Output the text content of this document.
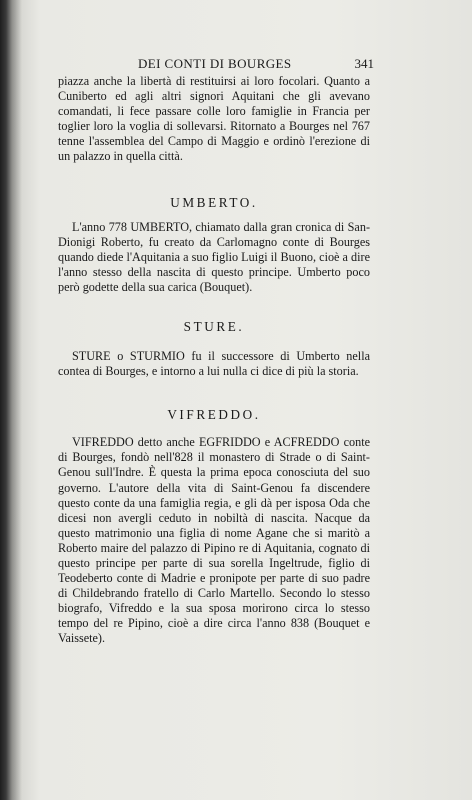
DEI CONTI DI BOURGES	341

piazza anche la libertà di restituirsi ai loro focolari. Quanto a Cuniberto ed agli altri signori Aquitani che gli avevano comandati, li fece passare colle loro famiglie in Francia per toglier loro la voglia di sollevarsi. Ritornato a Bourges nel 767 tenne l'assemblea del Campo di Maggio e ordinò l'erezione di un palazzo in quella città.

UMBERTO.

L'anno 778 UMBERTO, chiamato dalla gran cronica di San-Dionigi Roberto, fu creato da Carlomagno conte di Bourges quando diede l'Aquitania a suo figlio Luigi il Buono, cioè a dire l'anno stesso della nascita di questo principe. Umberto poco però godette della sua carica (Bouquet).

STURE.

STURE o STURMIO fu il successore di Umberto nella contea di Bourges, e intorno a lui nulla ci dice di più la storia.

VIFREDDO.

VIFREDDO detto anche EGFRIDDO e ACFREDDO conte di Bourges, fondò nell'828 il monastero di Strade o di Saint-Genou sull'Indre. È questa la prima epoca conosciuta del suo governo. L'autore della vita di Saint-Genou fa discendere questo conte da una famiglia regia, e gli dà per isposa Oda che dicesi non avergli ceduto in nobiltà di nascita. Nacque da questo matrimonio una figlia di nome Agane che si maritò a Roberto maire del palazzo di Pipino re di Aquitania, cognato di questo principe per parte di sua sorella Ingeltrude, figlio di Teodeberto conte di Madrie e pronipote per parte di suo padre di Childebrando fratello di Carlo Martello. Secondo lo stesso biografo, Vifreddo e la sua sposa morirono circa lo stesso tempo del re Pipino, cioè a dire circa l'anno 838 (Bouquet e Vaissete).
